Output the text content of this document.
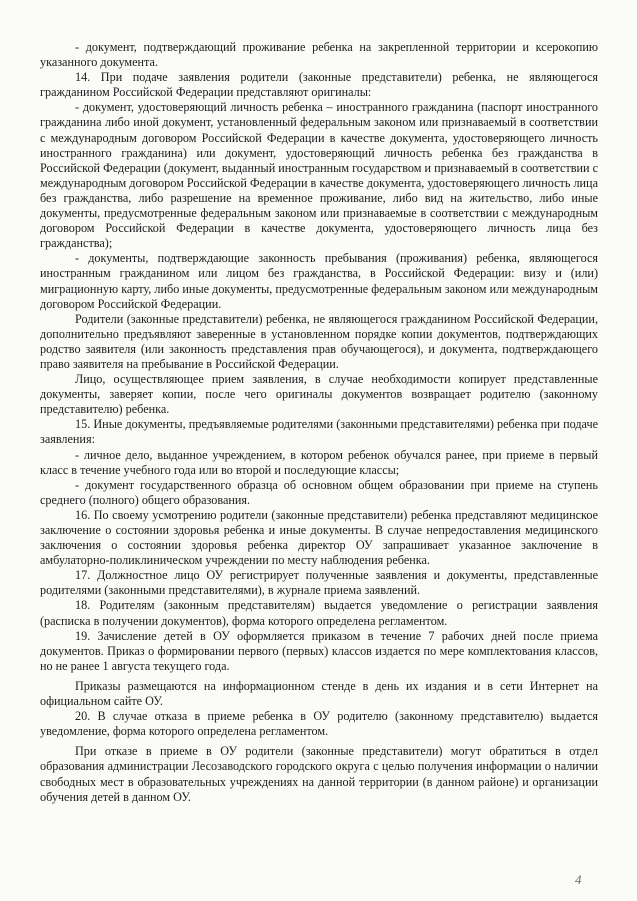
- документ, подтверждающий проживание ребенка на закрепленной территории и ксерокопию указанного документа.

14. При подаче заявления родители (законные представители) ребенка, не являющегося гражданином Российской Федерации представляют оригиналы:

- документ, удостоверяющий личность ребенка – иностранного гражданина (паспорт иностранного гражданина либо иной документ, установленный федеральным законом или признаваемый в соответствии с международным договором Российской Федерации в качестве документа, удостоверяющего личность иностранного гражданина) или документ, удостоверяющий личность ребенка без гражданства в Российской Федерации (документ, выданный иностранным государством и признаваемый в соответствии с международным договором Российской Федерации в качестве документа, удостоверяющего личность лица без гражданства, либо разрешение на временное проживание, либо вид на жительство, либо иные документы, предусмотренные федеральным законом или признаваемые в соответствии с международным договором Российской Федерации в качестве документа, удостоверяющего личность лица без гражданства);

- документы, подтверждающие законность пребывания (проживания) ребенка, являющегося иностранным гражданином или лицом без гражданства, в Российской Федерации: визу и (или) миграционную карту, либо иные документы, предусмотренные федеральным законом или международным договором Российской Федерации.

Родители (законные представители) ребенка, не являющегося гражданином Российской Федерации, дополнительно предъявляют заверенные в установленном порядке копии документов, подтверждающих родство заявителя (или законность представления прав обучающегося), и документа, подтверждающего право заявителя на пребывание в Российской Федерации.

Лицо, осуществляющее прием заявления, в случае необходимости копирует представленные документы, заверяет копии, после чего оригиналы документов возвращает родителю (законному представителю) ребенка.

15. Иные документы, предъявляемые родителями (законными представителями) ребенка при подаче заявления:

- личное дело, выданное учреждением, в котором ребенок обучался ранее, при приеме в первый класс в течение учебного года или во второй и последующие классы;

- документ государственного образца об основном общем образовании при приеме на ступень среднего (полного) общего образования.

16. По своему усмотрению родители (законные представители) ребенка представляют медицинское заключение о состоянии здоровья ребенка и иные документы. В случае непредоставления медицинского заключения о состоянии здоровья ребенка директор ОУ запрашивает указанное заключение в амбулаторно-поликлиническом учреждении по месту наблюдения ребенка.

17. Должностное лицо ОУ регистрирует полученные заявления и документы, представленные родителями (законными представителями), в журнале приема заявлений.

18. Родителям (законным представителям) выдается уведомление о регистрации заявления (расписка в получении документов), форма которого определена регламентом.

19. Зачисление детей в ОУ оформляется приказом в течение 7 рабочих дней после приема документов. Приказ о формировании первого (первых) классов издается по мере комплектования классов, но не ранее 1 августа текущего года.

Приказы размещаются на информационном стенде в день их издания и в сети Интернет на официальном сайте ОУ.

20. В случае отказа в приеме ребенка в ОУ родителю (законному представителю) выдается уведомление, форма которого определена регламентом.

При отказе в приеме в ОУ родители (законные представители) могут обратиться в отдел образования администрации Лесозаводского городского округа с целью получения информации о наличии свободных мест в образовательных учреждениях на данной территории (в данном районе) и организации обучения детей в данном ОУ.

4
